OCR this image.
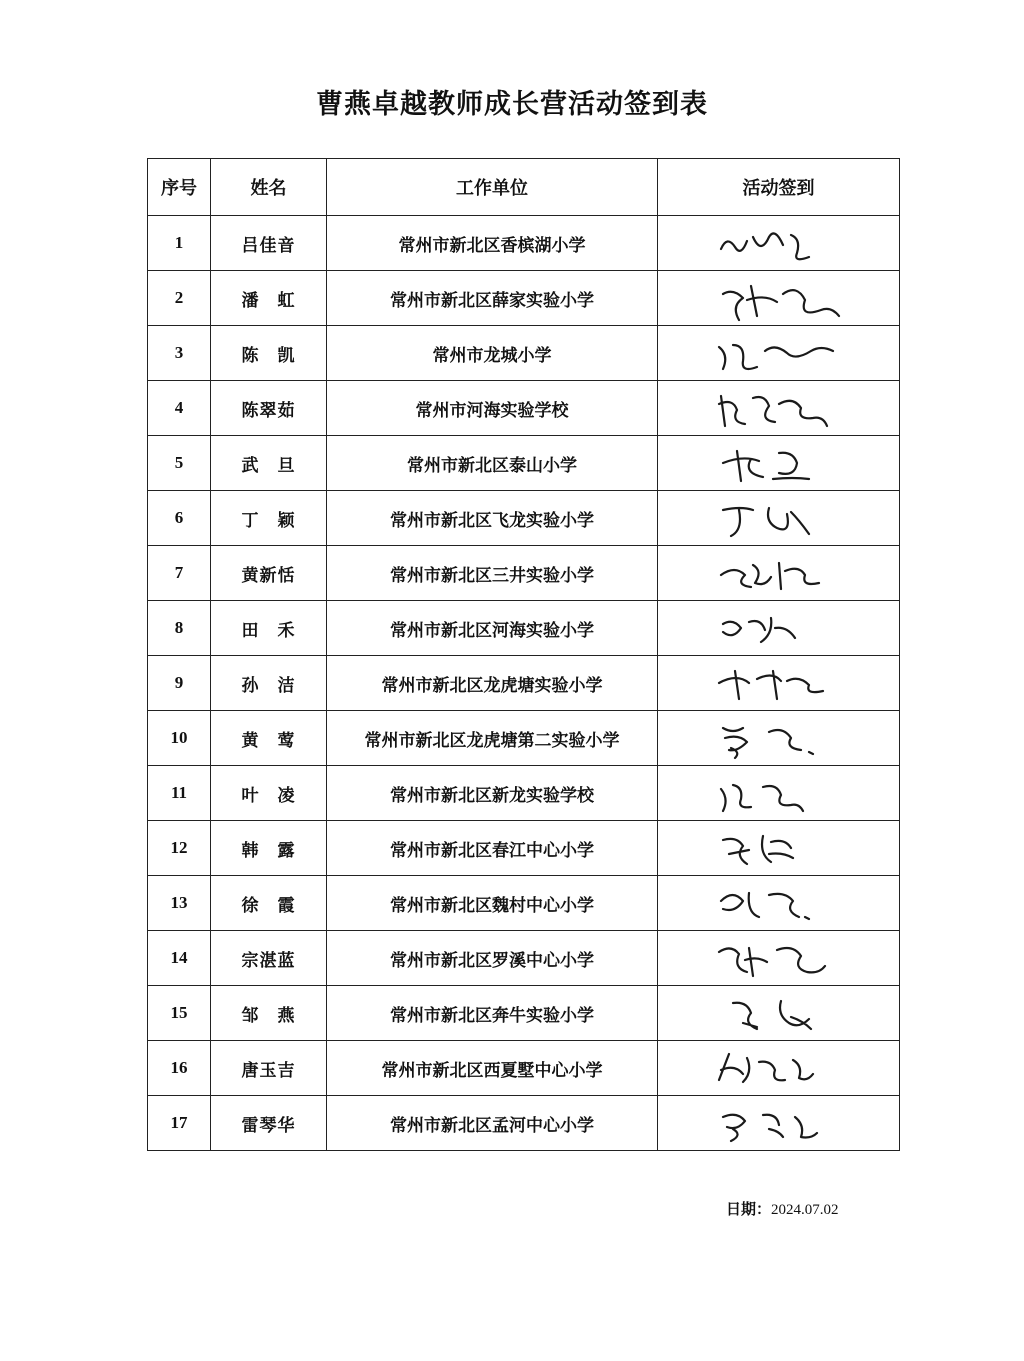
曹燕卓越教师成长营活动签到表
序号	姓名	工作单位	活动签到
1	吕佳音	常州市新北区香槟湖小学	

2	潘　虹	常州市新北区薛家实验小学	

3	陈　凯	常州市龙城小学	

4	陈翠茹	常州市河海实验学校	

5	武　旦	常州市新北区泰山小学	

6	丁　颖	常州市新北区飞龙实验小学	

7	黄新恬	常州市新北区三井实验小学	

8	田　禾	常州市新北区河海实验小学	

9	孙　洁	常州市新北区龙虎塘实验小学	

10	黄　莺	常州市新北区龙虎塘第二实验小学	

11	叶　凌	常州市新北区新龙实验学校	

12	韩　露	常州市新北区春江中心小学	

13	徐　霞	常州市新北区魏村中心小学	

14	宗湛蓝	常州市新北区罗溪中心小学	

15	邹　燕	常州市新北区奔牛实验小学	

16	唐玉吉	常州市新北区西夏墅中心小学	

17	雷琴华	常州市新北区孟河中心小学	
日期：2024.07.02
